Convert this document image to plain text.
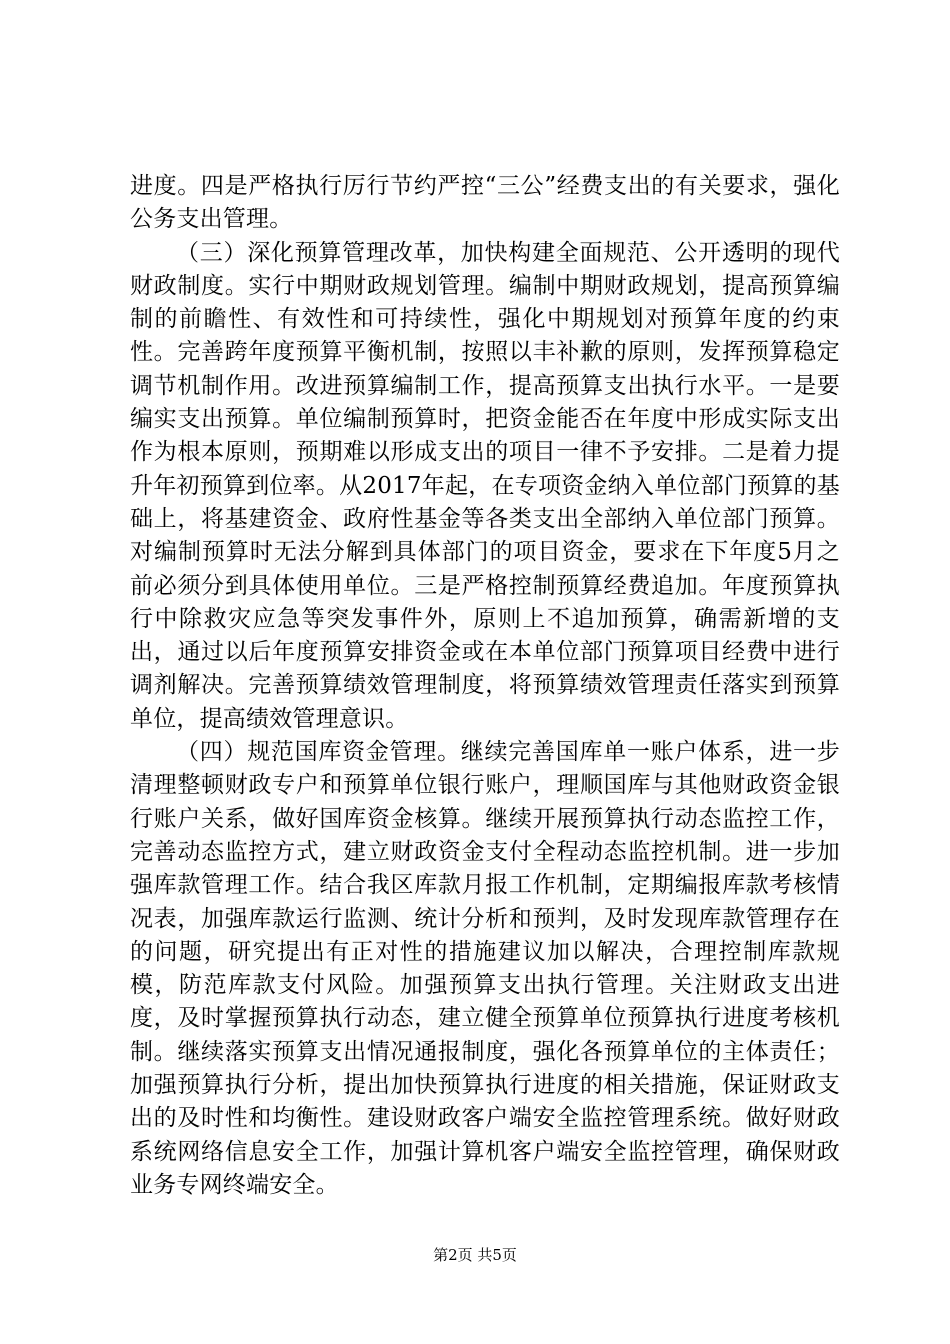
进度。四是严格执行厉行节约严控“三公”经费支出的有关要求，强化公务支出管理。

（三）深化预算管理改革，加快构建全面规范、公开透明的现代财政制度。实行中期财政规划管理。编制中期财政规划，提高预算编制的前瞻性、有效性和可持续性，强化中期规划对预算年度的约束性。完善跨年度预算平衡机制，按照以丰补歉的原则，发挥预算稳定调节机制作用。改进预算编制工作，提高预算支出执行水平。一是要编实支出预算。单位编制预算时，把资金能否在年度中形成实际支出作为根本原则，预期难以形成支出的项目一律不予安排。二是着力提升年初预算到位率。从2017年起，在专项资金纳入单位部门预算的基础上，将基建资金、政府性基金等各类支出全部纳入单位部门预算。对编制预算时无法分解到具体部门的项目资金，要求在下年度5月之前必须分到具体使用单位。三是严格控制预算经费追加。年度预算执行中除救灾应急等突发事件外，原则上不追加预算，确需新增的支出，通过以后年度预算安排资金或在本单位部门预算项目经费中进行调剂解决。完善预算绩效管理制度，将预算绩效管理责任落实到预算单位，提高绩效管理意识。

（四）规范国库资金管理。继续完善国库单一账户体系，进一步清理整顿财政专户和预算单位银行账户，理顺国库与其他财政资金银行账户关系，做好国库资金核算。继续开展预算执行动态监控工作，完善动态监控方式，建立财政资金支付全程动态监控机制。进一步加强库款管理工作。结合我区库款月报工作机制，定期编报库款考核情况表，加强库款运行监测、统计分析和预判，及时发现库款管理存在的问题，研究提出有正对性的措施建议加以解决，合理控制库款规模，防范库款支付风险。加强预算支出执行管理。关注财政支出进度，及时掌握预算执行动态，建立健全预算单位预算执行进度考核机制。继续落实预算支出情况通报制度，强化各预算单位的主体责任；加强预算执行分析，提出加快预算执行进度的相关措施，保证财政支出的及时性和均衡性。建设财政客户端安全监控管理系统。做好财政系统网络信息安全工作，加强计算机客户端安全监控管理，确保财政业务专网终端安全。

第2页 共5页
